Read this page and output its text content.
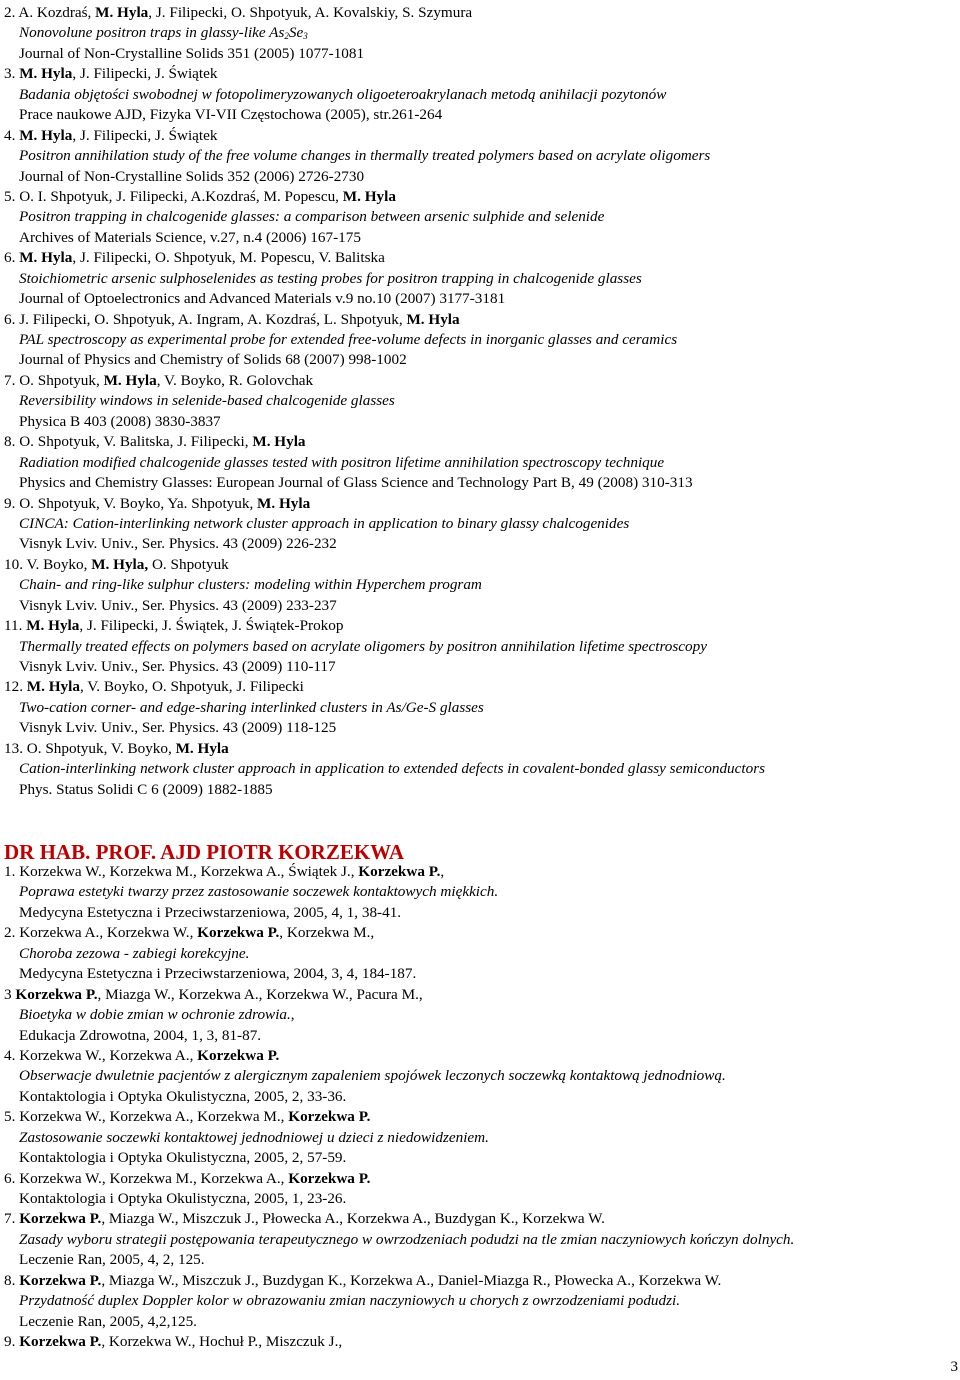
2. A. Kozdraś, M. Hyla, J. Filipecki, O. Shpotyuk, A. Kovalskiy, S. Szymura
Nonovolune positron traps in glassy-like $As_2Se_3$
Journal of Non-Crystalline Solids 351 (2005) 1077-1081
3. M. Hyla, J. Filipecki, J. Świątek
Badania objętości swobodnej w fotopolimeryzowanych oligoeteroakrylanach metodą anihilacji pozytonów
Prace naukowe AJD, Fizyka VI-VII Częstochowa (2005), str.261-264
4. M. Hyla, J. Filipecki, J. Świątek
Positron annihilation study of the free volume changes in thermally treated polymers based on acrylate oligomers
Journal of Non-Crystalline Solids 352 (2006) 2726-2730
5. O. I. Shpotyuk, J. Filipecki, A.Kozdraś, M. Popescu, M. Hyla
Positron trapping in chalcogenide glasses: a comparison between arsenic sulphide and selenide
Archives of Materials Science, v.27, n.4 (2006) 167-175
6. M. Hyla, J. Filipecki, O. Shpotyuk, M. Popescu, V. Balitska
Stoichiometric arsenic sulphoselenides as testing probes for positron trapping in chalcogenide glasses
Journal of Optoelectronics and Advanced Materials v.9 no.10 (2007) 3177-3181
6. J. Filipecki, O. Shpotyuk, A. Ingram, A. Kozdraś, L. Shpotyuk, M. Hyla
PAL spectroscopy as experimental probe for extended free-volume defects in inorganic glasses and ceramics
Journal of Physics and Chemistry of Solids 68 (2007) 998-1002
7. O. Shpotyuk, M. Hyla, V. Boyko, R. Golovchak
Reversibility windows in selenide-based chalcogenide glasses
Physica B 403 (2008) 3830-3837
8. O. Shpotyuk, V. Balitska, J. Filipecki, M. Hyla
Radiation modified chalcogenide glasses tested with positron lifetime annihilation spectroscopy technique
Physics and Chemistry Glasses: European Journal of Glass Science and Technology Part B, 49 (2008) 310-313
9. O. Shpotyuk, V. Boyko, Ya. Shpotyuk, M. Hyla
CINCA: Cation-interlinking network cluster approach in application to binary glassy chalcogenides
Visnyk Lviv. Univ., Ser. Physics. 43 (2009) 226-232
10. V. Boyko, M. Hyla, O. Shpotyuk
Chain- and ring-like sulphur clusters: modeling within Hyperchem program
Visnyk Lviv. Univ., Ser. Physics. 43 (2009) 233-237
11. M. Hyla, J. Filipecki, J. Świątek, J. Świątek-Prokop
Thermally treated effects on polymers based on acrylate oligomers by positron annihilation lifetime spectroscopy
Visnyk Lviv. Univ., Ser. Physics. 43 (2009) 110-117
12. M. Hyla, V. Boyko, O. Shpotyuk, J. Filipecki
Two-cation corner- and edge-sharing interlinked clusters in As/Ge-S glasses
Visnyk Lviv. Univ., Ser. Physics. 43 (2009) 118-125
13. O. Shpotyuk, V. Boyko, M. Hyla
Cation-interlinking network cluster approach in application to extended defects in covalent-bonded glassy semiconductors
Phys. Status Solidi C 6 (2009) 1882-1885
DR HAB. PROF. AJD PIOTR KORZEKWA
1. Korzekwa W., Korzekwa M., Korzekwa A., Świątek J., Korzekwa P.,
Poprawa estetyki twarzy przez zastosowanie soczewek kontaktowych miękkich.
Medycyna Estetyczna i Przeciwstarzeniowa, 2005, 4, 1, 38-41.
2. Korzekwa A., Korzekwa W., Korzekwa P., Korzekwa M.,
Choroba zezowa - zabiegi korekcyjne.
Medycyna Estetyczna i Przeciwstarzeniowa, 2004, 3, 4, 184-187.
3 Korzekwa P., Miazga W., Korzekwa A., Korzekwa W., Pacura M.,
Bioetyka w dobie zmian w ochronie zdrowia.,
Edukacja Zdrowotna, 2004, 1, 3, 81-87.
4. Korzekwa W., Korzekwa A., Korzekwa P.
Obserwacje dwuletnie pacjentów z alergicznym zapaleniem spojówek leczonych soczewką kontaktową jednodniową.
Kontaktologia i Optyka Okulistyczna, 2005, 2, 33-36.
5. Korzekwa W., Korzekwa A., Korzekwa M., Korzekwa P.
Zastosowanie soczewki kontaktowej jednodniowej u dzieci z niedowidzeniem.
Kontaktologia i Optyka Okulistyczna, 2005, 2, 57-59.
6. Korzekwa W., Korzekwa M., Korzekwa A., Korzekwa P.
Kontaktologia i Optyka Okulistyczna, 2005, 1, 23-26.
7. Korzekwa P., Miazga W., Miszczuk J., Płowecka A., Korzekwa A., Buzdygan K., Korzekwa W.
Zasady wyboru strategii postępowania terapeutycznego w owrzodzeniach podudzi na tle zmian naczyniowych kończyn dolnych.
Leczenie Ran, 2005, 4, 2, 125.
8. Korzekwa P., Miazga W., Miszczuk J., Buzdygan K., Korzekwa A., Daniel-Miazga R., Płowecka A., Korzekwa W.
Przydatność duplex Doppler kolor w obrazowaniu zmian naczyniowych u chorych z owrzodzeniami podudzi.
Leczenie Ran, 2005, 4,2,125.
9. Korzekwa P., Korzekwa W., Hochuł P., Miszczuk J.,
3
